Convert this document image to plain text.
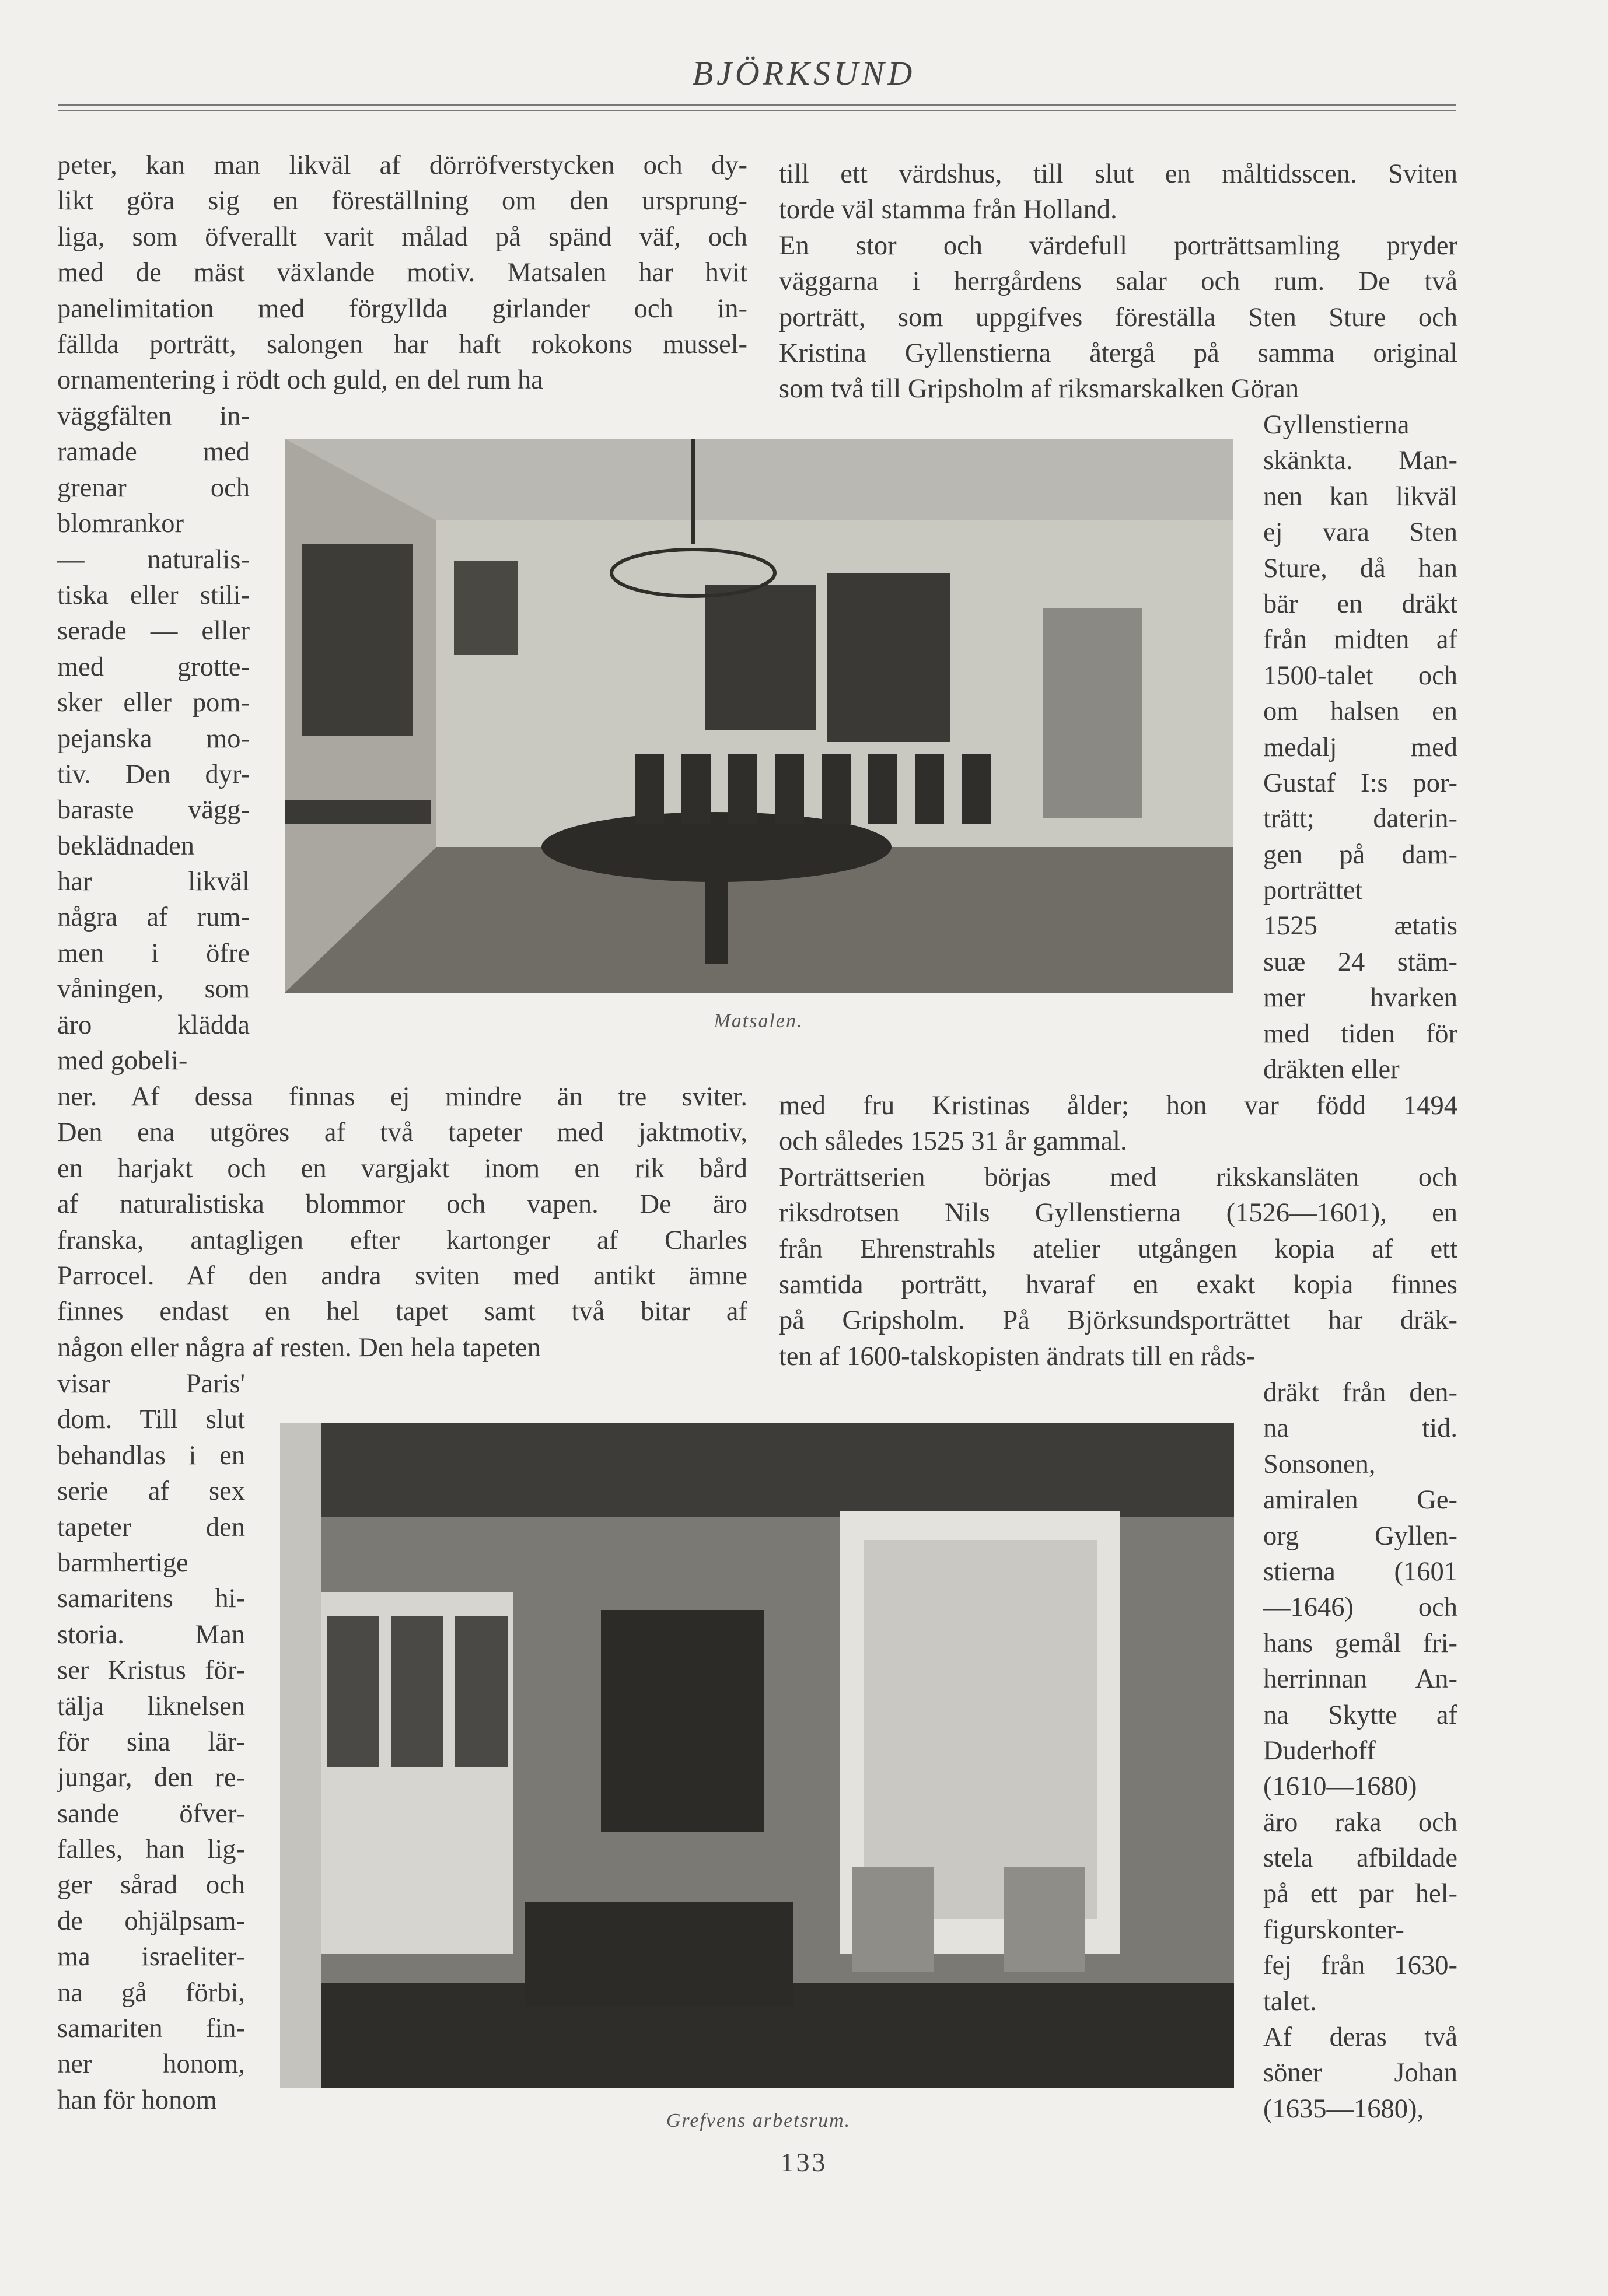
BJÖRKSUND
peter, kan man likväl af dörröfverstycken och dy-
likt göra sig en föreställning om den ursprung-
liga, som öfverallt varit målad på spänd väf, och
med de mäst växlande motiv. Matsalen har hvit
panelimitation med förgyllda girlander och in-
fällda porträtt, salongen har haft rokokons mussel-
ornamentering i rödt och guld, en del rum ha
väggfälten in-
ramade med
grenar och
blomrankor
— naturalis-
tiska eller stili-
serade — eller
med grotte-
sker eller pom-
pejanska mo-
tiv. Den dyr-
baraste vägg-
beklädnaden
har likväl
några af rum-
men i öfre
våningen, som
äro klädda
med gobeli-
ner. Af dessa finnas ej mindre än tre sviter.
Den ena utgöres af två tapeter med jaktmotiv,
en harjakt och en vargjakt inom en rik bård
af naturalistiska blommor och vapen. De äro
franska, antagligen efter kartonger af Charles
Parrocel. Af den andra sviten med antikt ämne
finnes endast en hel tapet samt två bitar af
någon eller några af resten. Den hela tapeten
visar Paris'
dom. Till slut
behandlas i en
serie af sex
tapeter den
barmhertige
samaritens hi-
storia. Man
ser Kristus för-
tälja liknelsen
för sina lär-
jungar, den re-
sande öfver-
falles, han lig-
ger sårad och
de ohjälpsam-
ma israeliter-
na gå förbi,
samariten fin-
ner honom,
han för honom
till ett värdshus, till slut en måltidsscen. Sviten
torde väl stamma från Holland.
En stor och värdefull porträttsamling pryder
väggarna i herrgårdens salar och rum. De två
porträtt, som uppgifves föreställa Sten Sture och
Kristina Gyllenstierna återgå på samma original
som två till Gripsholm af riksmarskalken Göran
Gyllenstierna
skänkta. Man-
nen kan likväl
ej vara Sten
Sture, då han
bär en dräkt
från midten af
1500-talet och
om halsen en
medalj med
Gustaf I:s por-
trätt; daterin-
gen på dam-
porträttet
1525 ætatis
suæ 24 stäm-
mer hvarken
med tiden för
dräkten eller
med fru Kristinas ålder; hon var född 1494
och således 1525 31 år gammal.
Porträttserien börjas med rikskansläten och
riksdrotsen Nils Gyllenstierna (1526—1601), en
från Ehrenstrahls atelier utgången kopia af ett
samtida porträtt, hvaraf en exakt kopia finnes
på Gripsholm. På Björksundsporträttet har dräk-
ten af 1600-talskopisten ändrats till en råds-
dräkt från den-
na tid.
Sonsonen,
amiralen Ge-
org Gyllen-
stierna (1601
—1646) och
hans gemål fri-
herrinnan An-
na Skytte af
Duderhoff
(1610—1680)
äro raka och
stela afbildade
på ett par hel-
figurskonter-
fej från 1630-
talet.
Af deras två
söner Johan
(1635—1680),
Matsalen.
Grefvens arbetsrum.
133
